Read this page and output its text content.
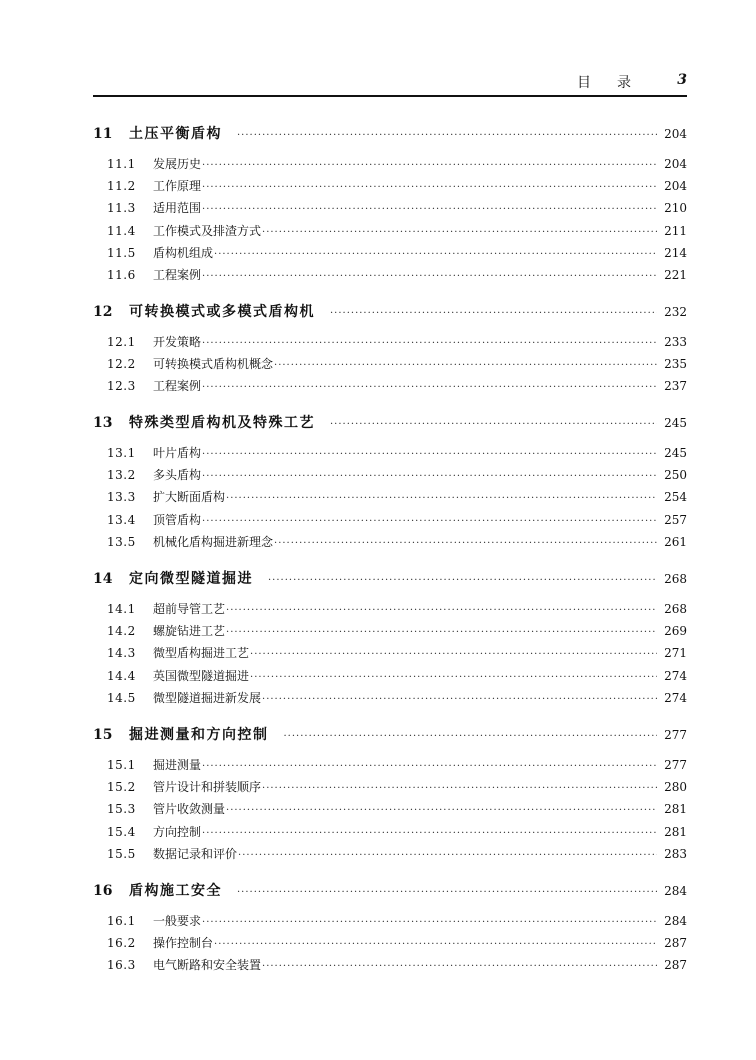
目录 3
11	土压平衡盾构 ·····	204
11.1	发展历史 ·····	204
11.2	工作原理 ·····	204
11.3	适用范围 ·····	210
11.4	工作模式及排渣方式 ·····	211
11.5	盾构机组成 ·····	214
11.6	工程案例 ·····	221
12	可转换模式或多模式盾构机 ·····	232
12.1	开发策略 ·····	233
12.2	可转换模式盾构机概念 ·····	235
12.3	工程案例 ·····	237
13	特殊类型盾构机及特殊工艺 ·····	245
13.1	叶片盾构 ·····	245
13.2	多头盾构 ·····	250
13.3	扩大断面盾构 ·····	254
13.4	顶管盾构 ·····	257
13.5	机械化盾构掘进新理念 ·····	261
14	定向微型隧道掘进 ·····	268
14.1	超前导管工艺 ·····	268
14.2	螺旋钻进工艺 ·····	269
14.3	微型盾构掘进工艺 ·····	271
14.4	英国微型隧道掘进 ·····	274
14.5	微型隧道掘进新发展 ·····	274
15	掘进测量和方向控制 ·····	277
15.1	掘进测量 ·····	277
15.2	管片设计和拼装顺序 ·····	280
15.3	管片收敛测量 ·····	281
15.4	方向控制 ·····	281
15.5	数据记录和评价 ·····	283
16	盾构施工安全 ·····	284
16.1	一般要求 ·····	284
16.2	操作控制台 ·····	287
16.3	电气断路和安全装置 ·····	287
